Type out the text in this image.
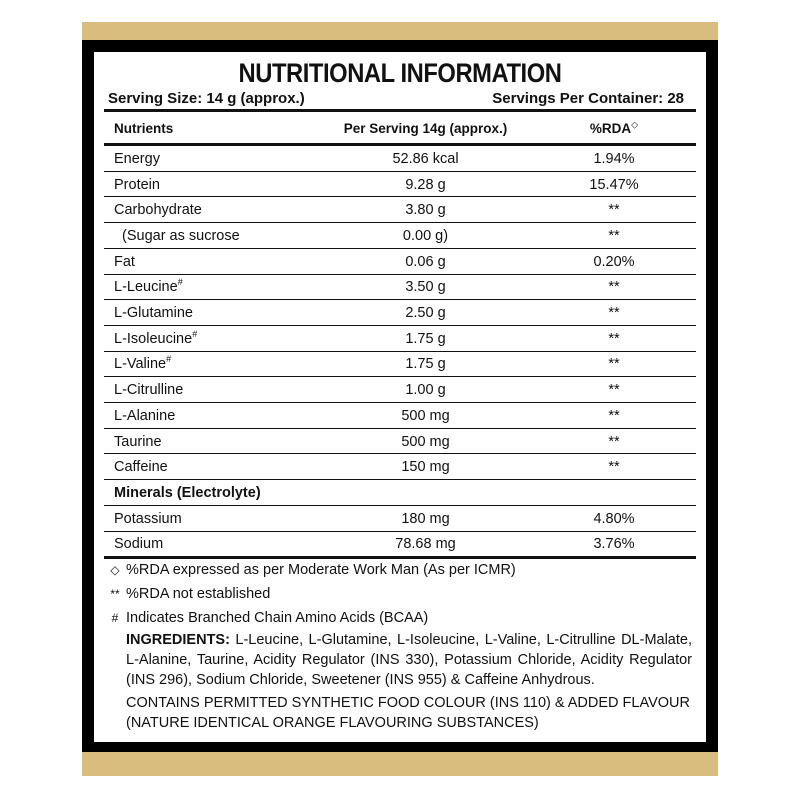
NUTRITIONAL INFORMATION
Serving Size: 14 g (approx.)	Servings Per Container: 28
Nutrients	Per Serving 14g (approx.)	%RDA◇
Energy	52.86 kcal	1.94%
Protein	9.28 g	15.47%
Carbohydrate	3.80 g	**
(Sugar as sucrose	0.00 g)	**
Fat	0.06 g	0.20%
L-Leucine#	3.50 g	**
L-Glutamine	2.50 g	**
L-Isoleucine#	1.75 g	**
L-Valine#	1.75 g	**
L-Citrulline	1.00 g	**
L-Alanine	500 mg	**
Taurine	500 mg	**
Caffeine	150 mg	**
Minerals (Electrolyte)
Potassium	180 mg	4.80%
Sodium	78.68 mg	3.76%
◇ %RDA expressed as per Moderate Work Man (As per ICMR)
** %RDA not established
# Indicates Branched Chain Amino Acids (BCAA)
INGREDIENTS: L-Leucine, L-Glutamine, L-Isoleucine, L-Valine, L-Citrulline DL-Malate, L-Alanine, Taurine, Acidity Regulator (INS 330), Potassium Chloride, Acidity Regulator (INS 296), Sodium Chloride, Sweetener (INS 955) & Caffeine Anhydrous.
CONTAINS PERMITTED SYNTHETIC FOOD COLOUR (INS 110) & ADDED FLAVOUR (NATURE IDENTICAL ORANGE FLAVOURING SUBSTANCES)
